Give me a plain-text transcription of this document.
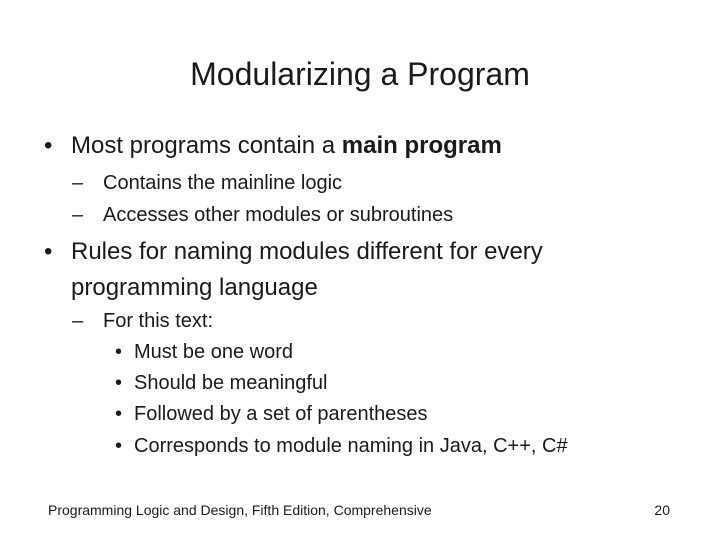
Modularizing a Program
• Most programs contain a main program
– Contains the mainline logic
– Accesses other modules or subroutines
• Rules for naming modules different for every
programming language
– For this text:
• Must be one word
• Should be meaningful
• Followed by a set of parentheses
• Corresponds to module naming in Java, C++, C#
Programming Logic and Design, Fifth Edition, Comprehensive	20
